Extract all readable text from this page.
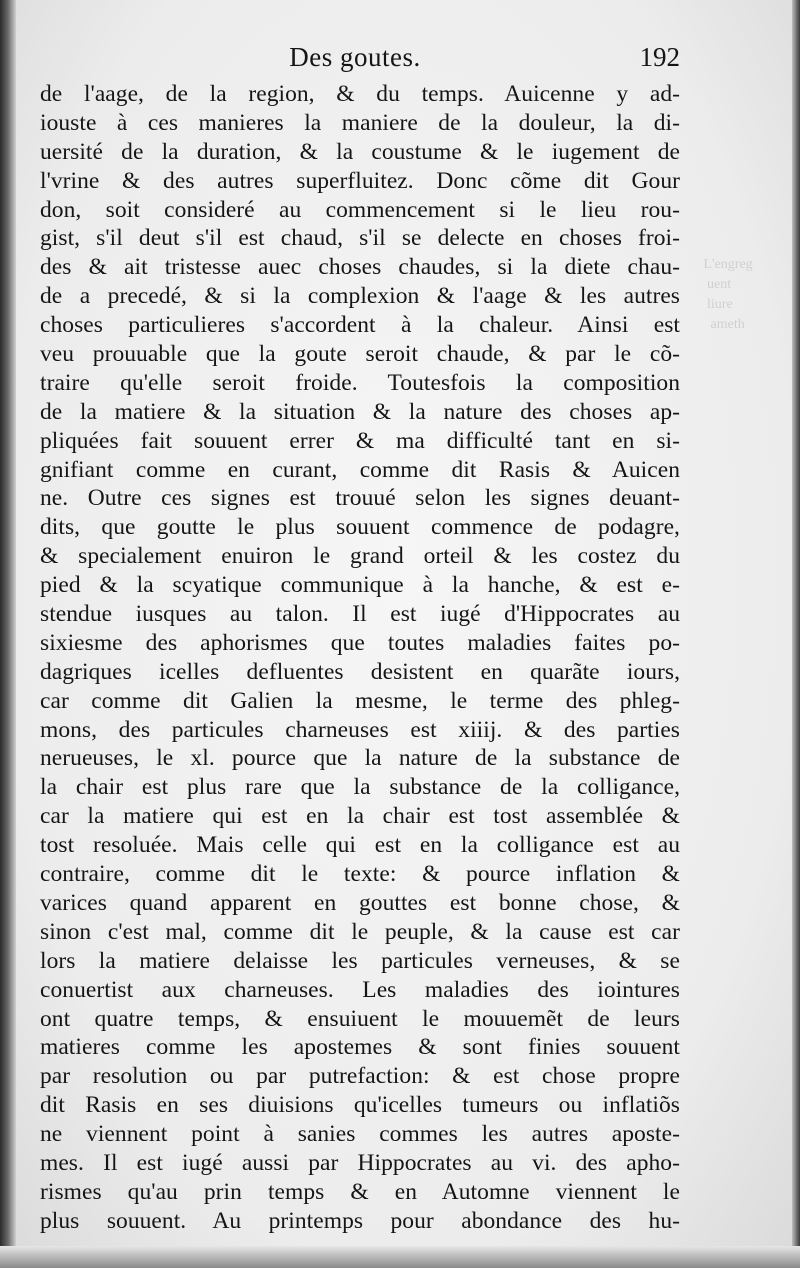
L'engreg
uent
liure
ameth
Des goutes.	192
de l'aage, de la region, & du temps. Auicenne y ad-
iouste à ces manieres la maniere de la douleur, la di-
uersité de la duration, & la coustume & le iugement de
l'vrine & des autres superfluitez. Donc cõme dit Gour
don, soit consideré au commencement si le lieu rou-
gist, s'il deut s'il est chaud, s'il se delecte en choses froi-
des & ait tristesse auec choses chaudes, si la diete chau-
de a precedé, & si la complexion & l'aage & les autres
choses particulieres s'accordent à la chaleur. Ainsi est
veu prouuable que la goute seroit chaude, & par le cõ-
traire qu'elle seroit froide. Toutesfois la composition
de la matiere & la situation & la nature des choses ap-
pliquées fait souuent errer & ma difficulté tant en si-
gnifiant comme en curant, comme dit Rasis & Auicen
ne. Outre ces signes est trouué selon les signes deuant-
dits, que goutte le plus souuent commence de podagre,
& specialement enuiron le grand orteil & les costez du
pied & la scyatique communique à la hanche, & est e-
stendue iusques au talon. Il est iugé d'Hippocrates au
sixiesme des aphorismes que toutes maladies faites po-
dagriques icelles defluentes desistent en quarãte iours,
car comme dit Galien la mesme, le terme des phleg-
mons, des particules charneuses est xiiij. & des parties
nerueuses, le xl. pource que la nature de la substance de
la chair est plus rare que la substance de la colligance,
car la matiere qui est en la chair est tost assemblée &
tost resoluée. Mais celle qui est en la colligance est au
contraire, comme dit le texte: & pource inflation &
varices quand apparent en gouttes est bonne chose, &
sinon c'est mal, comme dit le peuple, & la cause est car
lors la matiere delaisse les particules verneuses, & se
conuertist aux charneuses. Les maladies des iointures
ont quatre temps, & ensuiuent le mouuemẽt de leurs
matieres comme les apostemes & sont finies souuent
par resolution ou par putrefaction: & est chose propre
dit Rasis en ses diuisions qu'icelles tumeurs ou inflatiõs
ne viennent point à sanies commes les autres aposte-
mes. Il est iugé aussi par Hippocrates au vi. des apho-
rismes qu'au prin temps & en Automne viennent le
plus souuent. Au printemps pour abondance des hu-
